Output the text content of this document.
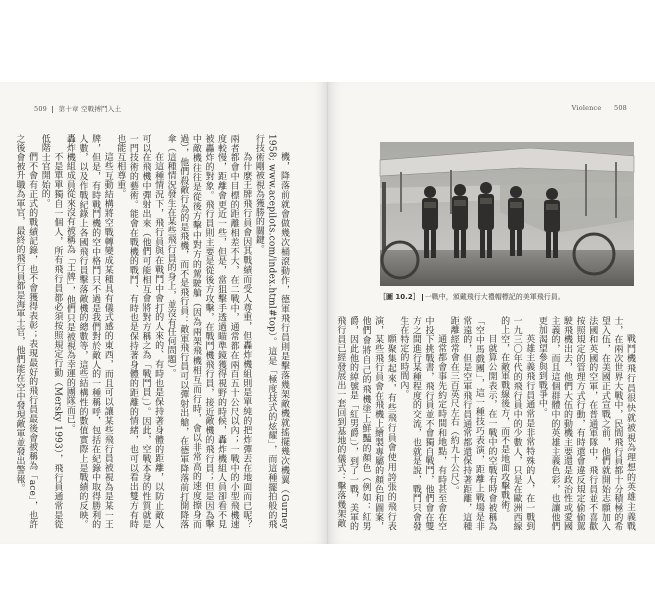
509 第十章 空戰搏鬥入土

機，降落前就會做幾次桶滾動作，德軍飛行員則是擊落幾架敵機就搖擺幾次機翼（Gurney 1958; www.acepilots.com/index.html#top）。這是「極度技式的炫耀」，而這種擺拍般的飛行技術剛被視為獲勝的關鍵。

為什麼王牌飛行員會因其戰績而受人尊重，但轟炸機組則是單純的把炸彈丟在地面而已呢？兩者都會中目標的距離相差不大，在二戰中，通常都在兩百五十公尺以內；一戰中的小型飛機速度較慢，距離會更近一些，但是，當狙擊手透過瞄準鏡獲得視野的時候，轟炸機組人員卻看不見被轟炸的對象。飛行員則主要是從後方攻擊，在戰鬥機飛行員，接近敵機的飛行員；但是因為擊中敵機往往是從後方擊中對方的駕駛艙（因為兩架飛機相互而行時，會以非常高的速度擦身而過），他們殺敵行為的是飛機，而不是飛行員：敵軍飛行員可以彈射出艙，在德軍降落前打開降落傘（這種情況發生在某些飛行員的身上，並沒有任何問題）。

在這種情況下，飛行員與在戰鬥中會打的人來的、有時也是保持著身體的距離，以防止敵人可以在飛機中彈射出來（他們可能相互會將對方稱之為「戰鬥員」）。因此，空戰本身的性質就是一門技術的藝術。能會在戰機的戰鬥、有時也是保持著身體的距離的情緒，也可以看出雙方有時也能互相尊重。

這些互動結構將空戰轉變成某種具有儀式感的東西，而且可以讓某些飛行員被視為是某一王牌，但是，有時戰鬥機的空中格鬥只不過是我們對於敵人的一種稱呼，包括在紀錄中取得勝利的人數，以及作戰紀錄上各國飛行員擊落敵機的總數等，這些結構性的數值實際上是戰績的反映。轟炸機組成員從來沒有被稱為「王牌」，他們只是被視為幸運的團隊而已。

不是單單獨自一個人，所有飛行員都必須按照規定行動（Mersky 1993），飛行員通常是從低階士官開始的。

們不會有正式的戰績記錄，也不會獲得表彰；表現最好的飛行員最後會被稱為「ace」，也許之後會被升職為軍官，最終的飛行員都是海軍士官，他們能在空中發現敵軍並發出警報。

Violence 508
［圖 10.2］ 一戰中，頒戴飛行大禮帽標記的美軍飛行員。

戰鬥機飛行員很快就被視為理想的英雄主義戰士，在兩次世界大戰中，民間飛行員都十分積極的希望入伍，在美國正式宣戰之前，他們就開始志願加入法國和英國的空軍，在普通軍隊中，飛行員並不喜歡按照規定的管理方式行動，有時還會違反規定偷偷駕駛飛機出去，他們大伍的動機主要還是政治性或愛國主義的，而且這個群體中的英雄主義色彩，也讓他們更加渴望參與到戰爭中。

英雄主義飛行員通常是非常特殊的人，在一戰到一九三〇年代的飛行員中的少數人，只是在歐洲西線的上空，在敵軍戰線後方，而不是地面攻擊戰術。

目就算公開表示，在一戰中的空戰有時會被稱為「空中馬戲團」，這一種技巧表演，距離上戰場是非常遠的，但是空軍飛行員通常都還保持著距離，這種距離經常會在三百英尺左右（約九十公尺）。

通常都會事先約定時間和地點，有時甚至會在空中投下挑戰書，飛行員並不會獨自戰鬥，他們會在雙方之間進行某種程度的交流，也就是說，戰鬥只會發生在特定的時間內。

願聚集起來，有些飛行員會使用誇張的飛行表演，某些飛行員會在飛機上繪製專屬的顏色和圖案，他們會將自己的飛機塗上鮮豔的顏色（例如：紅男爵，因此他的綽號是「紅男爵」），到了一戰，美軍的飛行員已經發展出一套回到基地的儀式：擊落幾架敵
